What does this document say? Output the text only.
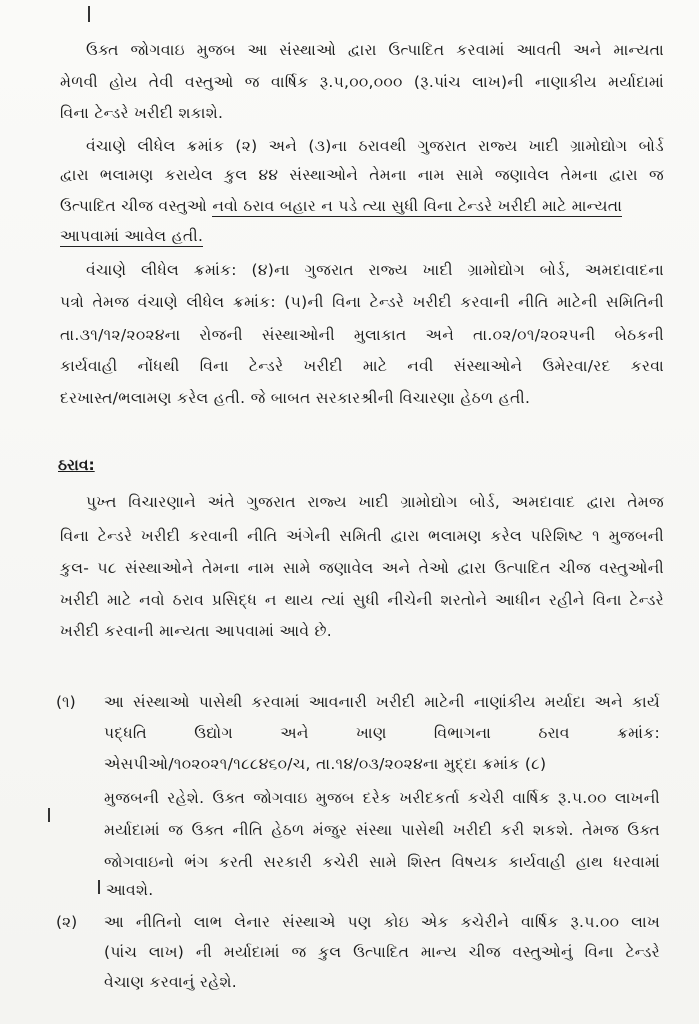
ઉક્ત જોગવાઇ મુજબ આ સંસ્થાઓ દ્વારા ઉત્પાદિત કરવામાં આવતી અને માન્યતા
મેળવી હોય તેવી વસ્તુઓ જ વાર્ષિક રૂ.૫,૦૦,૦૦૦ (રૂ.પાંચ લાખ)ની નાણાકીય મર્યાદામાં
વિના ટેન્ડરે ખરીદી શકાશે.
વંચાણે લીધેલ ક્રમાંક (૨) અને (૩)ના ઠરાવથી ગુજરાત રાજ્ય ખાદી ગ્રામોદ્યોગ બોર્ડ
દ્વારા ભલામણ કરાયેલ કુલ ૪૪ સંસ્થાઓને તેમના નામ સામે જણાવેલ તેમના દ્વારા જ
ઉત્પાદિત ચીજ વસ્તુઓ નવો ઠરાવ બહાર ન પડે ત્યા સુધી વિના ટેન્ડરે ખરીદી માટે માન્યતા
આપવામાં આવેલ હતી.
વંચાણે લીધેલ ક્રમાંક: (૪)ના ગુજરાત રાજ્ય ખાદી ગ્રામોદ્યોગ બોર્ડ, અમદાવાદના
પત્રો તેમજ વંચાણે લીધેલ ક્રમાંક: (૫)ની વિના ટેન્ડરે ખરીદી કરવાની નીતિ માટેની સમિતિની
તા.૩૧/૧૨/૨૦૨૪ના રોજની સંસ્થાઓની મુલાકાત અને તા.૦૨/૦૧/૨૦૨૫ની બેઠકની
કાર્યવાહી નોંધથી વિના ટેન્ડરે ખરીદી માટે નવી સંસ્થાઓને ઉમેરવા/રદ કરવા
દરખાસ્ત/ભલામણ કરેલ હતી. જે બાબત સરકારશ્રીની વિચારણા હેઠળ હતી.
ઠરાવ:
પુખ્ત વિચારણાને અંતે ગુજરાત રાજ્ય ખાદી ગ્રામોદ્યોગ બોર્ડ, અમદાવાદ દ્વારા તેમજ
વિના ટેન્ડરે ખરીદી કરવાની નીતિ અંગેની સમિતી દ્વારા ભલામણ કરેલ પરિશિષ્ટ ૧ મુજબની
કુલ- ૫૮ સંસ્થાઓને તેમના નામ સામે જણાવેલ અને તેઓ દ્વારા ઉત્પાદિત ચીજ વસ્તુઓની
ખરીદી માટે નવો ઠરાવ પ્રસિદ્ધ ન થાય ત્યાં સુધી નીચેની શરતોને આધીન રહીને વિના ટેન્ડરે
ખરીદી કરવાની માન્યતા આપવામાં આવે છે.
(૧) આ સંસ્થાઓ પાસેથી કરવામાં આવનારી ખરીદી માટેની નાણાંકીય મર્યાદા અને કાર્ય
પદ્ધતિ ઉદ્યોગ અને ખાણ વિભાગના ઠરાવ ક્રમાંક:
એસપીઓ/૧૦૨૦૨૧/૧૮૮૪૬૦/ચ, તા.૧૪/૦૩/૨૦૨૪ના મુદ્દા ક્રમાંક (૮)
મુજબની રહેશે. ઉક્ત જોગવાઇ મુજબ દરેક ખરીદકર્તા કચેરી વાર્ષિક રૂ.૫.૦૦ લાખની
મર્યાદામાં જ ઉક્ત નીતિ હેઠળ મંજુર સંસ્થા પાસેથી ખરીદી કરી શકશે. તેમજ ઉક્ત
જોગવાઇનો ભંગ કરતી સરકારી કચેરી સામે શિસ્ત વિષયક કાર્યવાહી હાથ ધરવામાં
આવશે.
(૨) આ નીતિનો લાભ લેનાર સંસ્થાએ પણ કોઇ એક કચેરીને વાર્ષિક રૂ.૫.૦૦ લાખ
(પાંચ લાખ) ની મર્યાદામાં જ કુલ ઉત્પાદિત માન્ય ચીજ વસ્તુઓનું વિના ટેન્ડરે
વેચાણ કરવાનું રહેશે.
